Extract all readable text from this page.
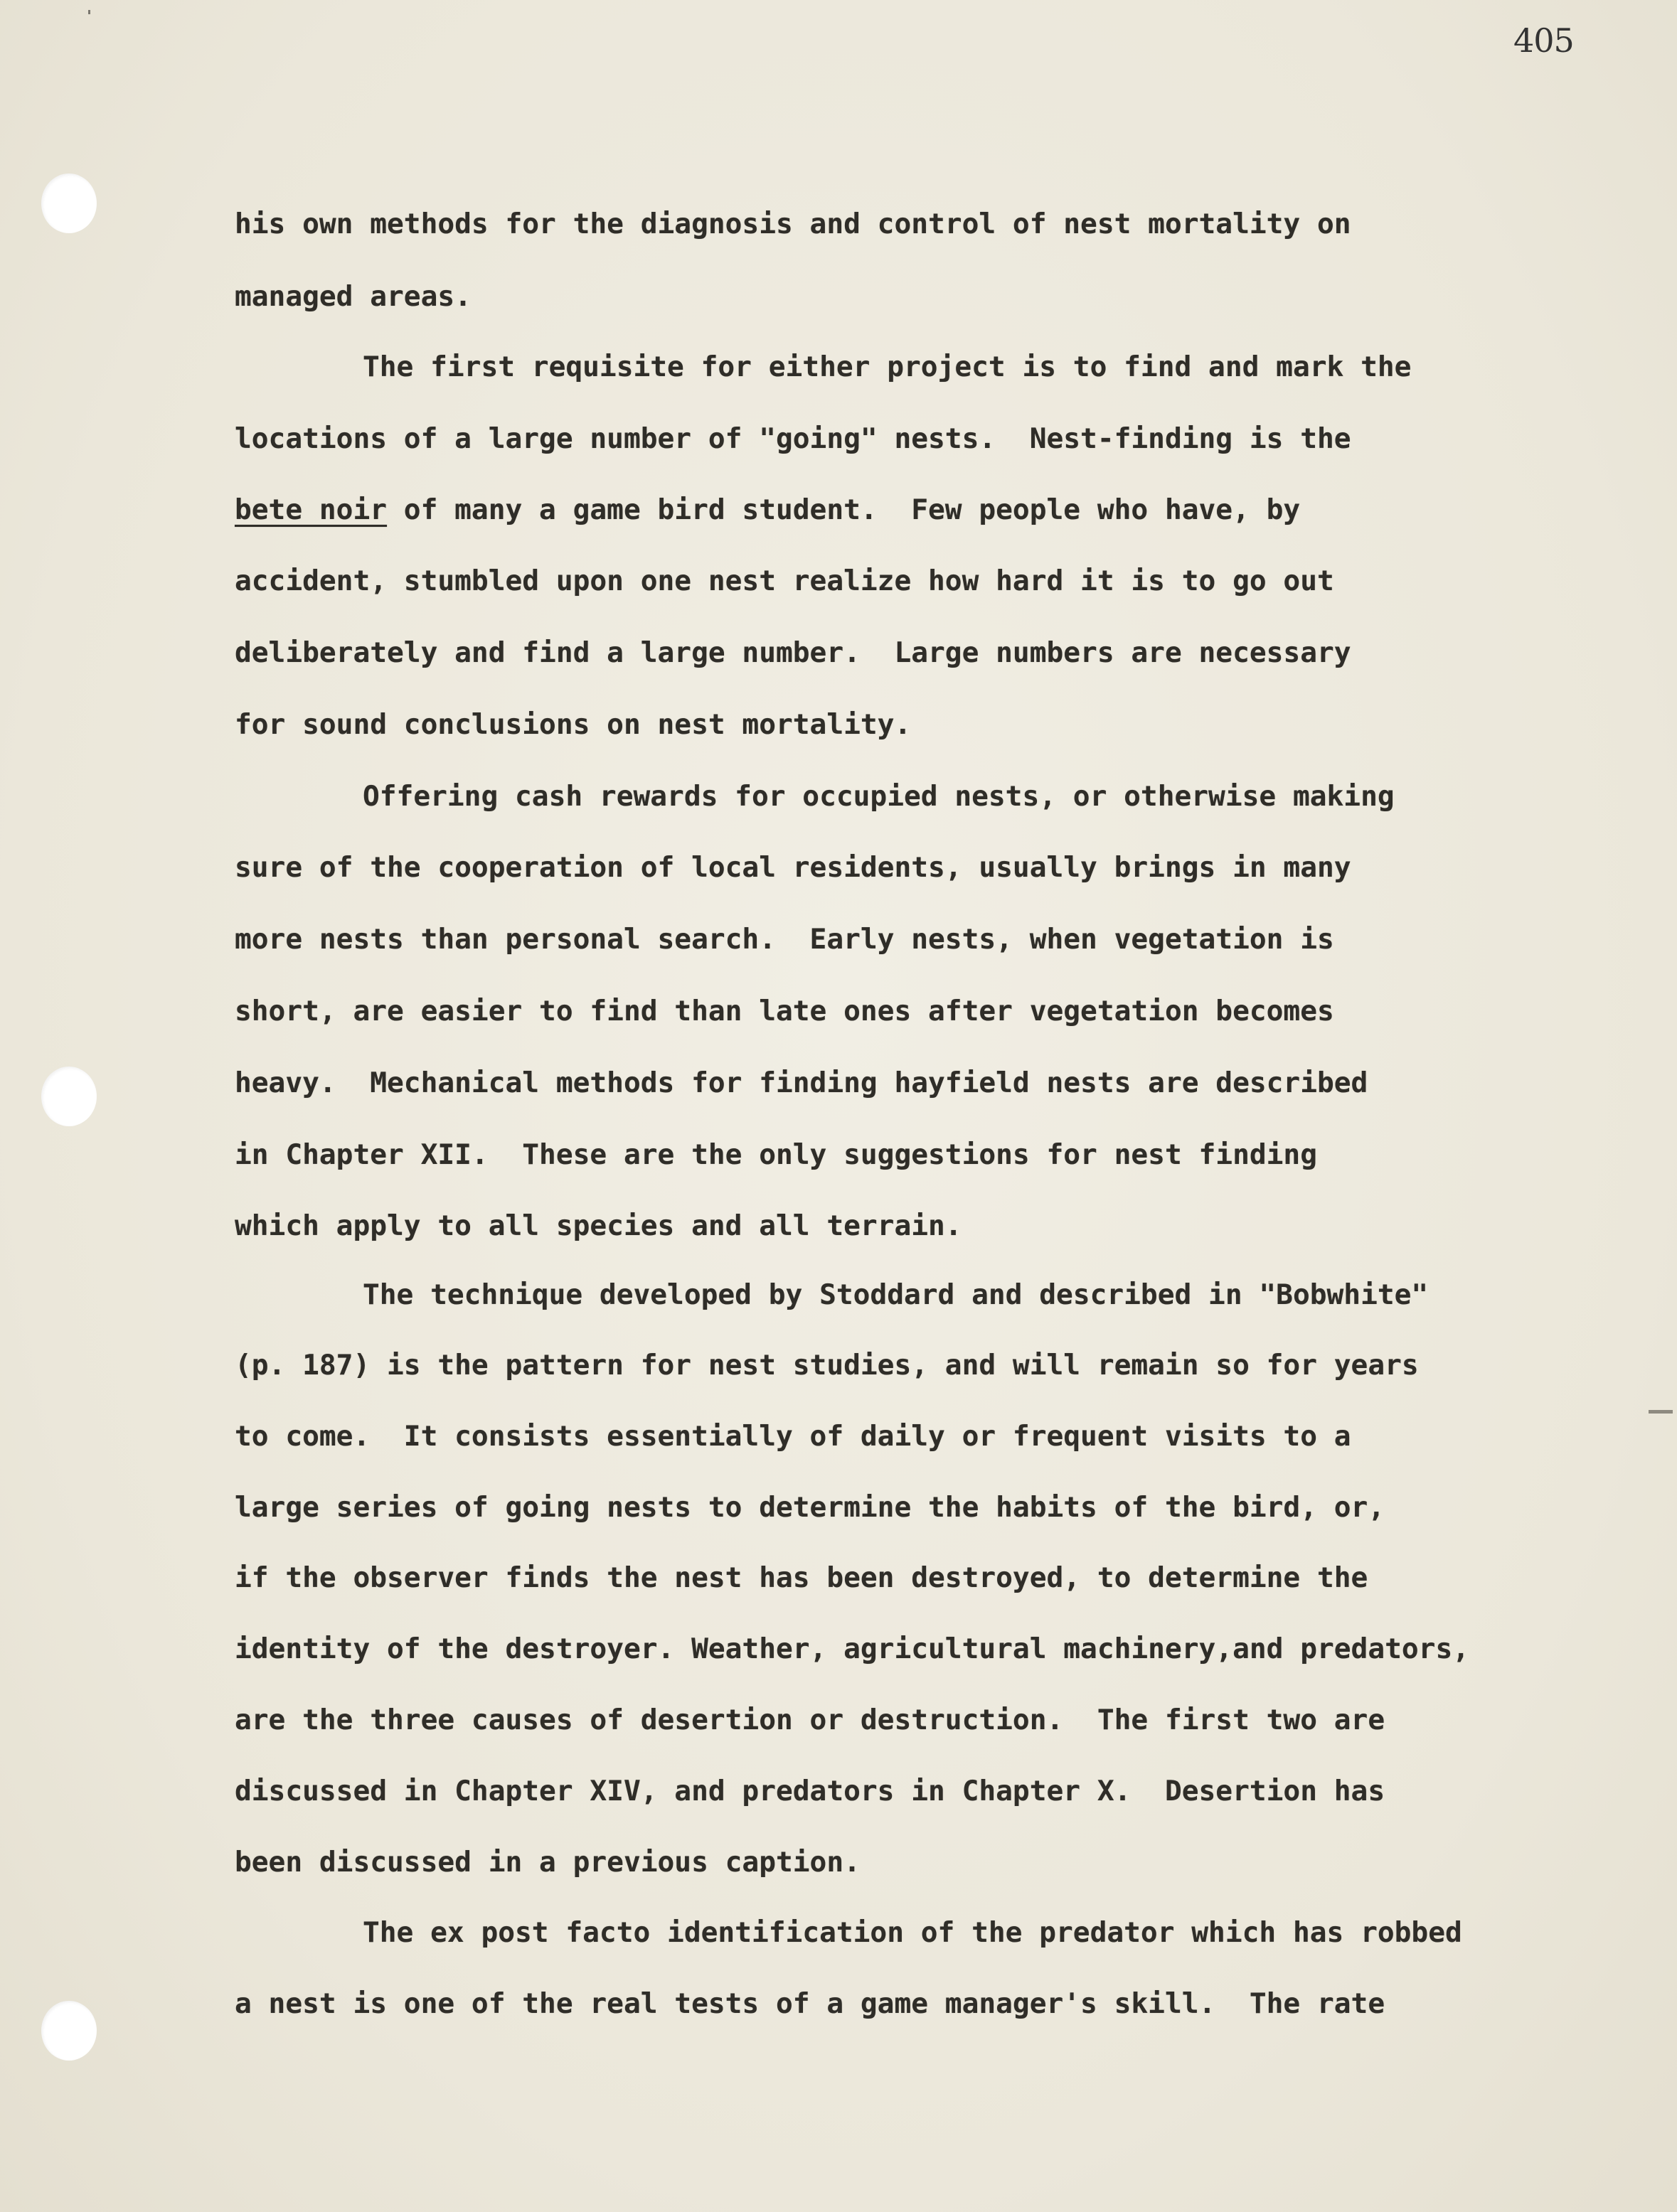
405
his own methods for the diagnosis and control of nest mortality on
managed areas.
The first requisite for either project is to find and mark the
locations of a large number of "going" nests.  Nest-finding is the
bete noir of many a game bird student.  Few people who have, by
accident, stumbled upon one nest realize how hard it is to go out
deliberately and find a large number.  Large numbers are necessary
for sound conclusions on nest mortality.
Offering cash rewards for occupied nests, or otherwise making
sure of the cooperation of local residents, usually brings in many
more nests than personal search.  Early nests, when vegetation is
short, are easier to find than late ones after vegetation becomes
heavy.  Mechanical methods for finding hayfield nests are described
in Chapter XII.  These are the only suggestions for nest finding
which apply to all species and all terrain.
The technique developed by Stoddard and described in "Bobwhite"
(p. 187) is the pattern for nest studies, and will remain so for years
to come.  It consists essentially of daily or frequent visits to a
large series of going nests to determine the habits of the bird, or,
if the observer finds the nest has been destroyed, to determine the
identity of the destroyer. Weather, agricultural machinery,and predators,
are the three causes of desertion or destruction.  The first two are
discussed in Chapter XIV, and predators in Chapter X.  Desertion has
been discussed in a previous caption.
The ex post facto identification of the predator which has robbed
a nest is one of the real tests of a game manager's skill.  The rate
